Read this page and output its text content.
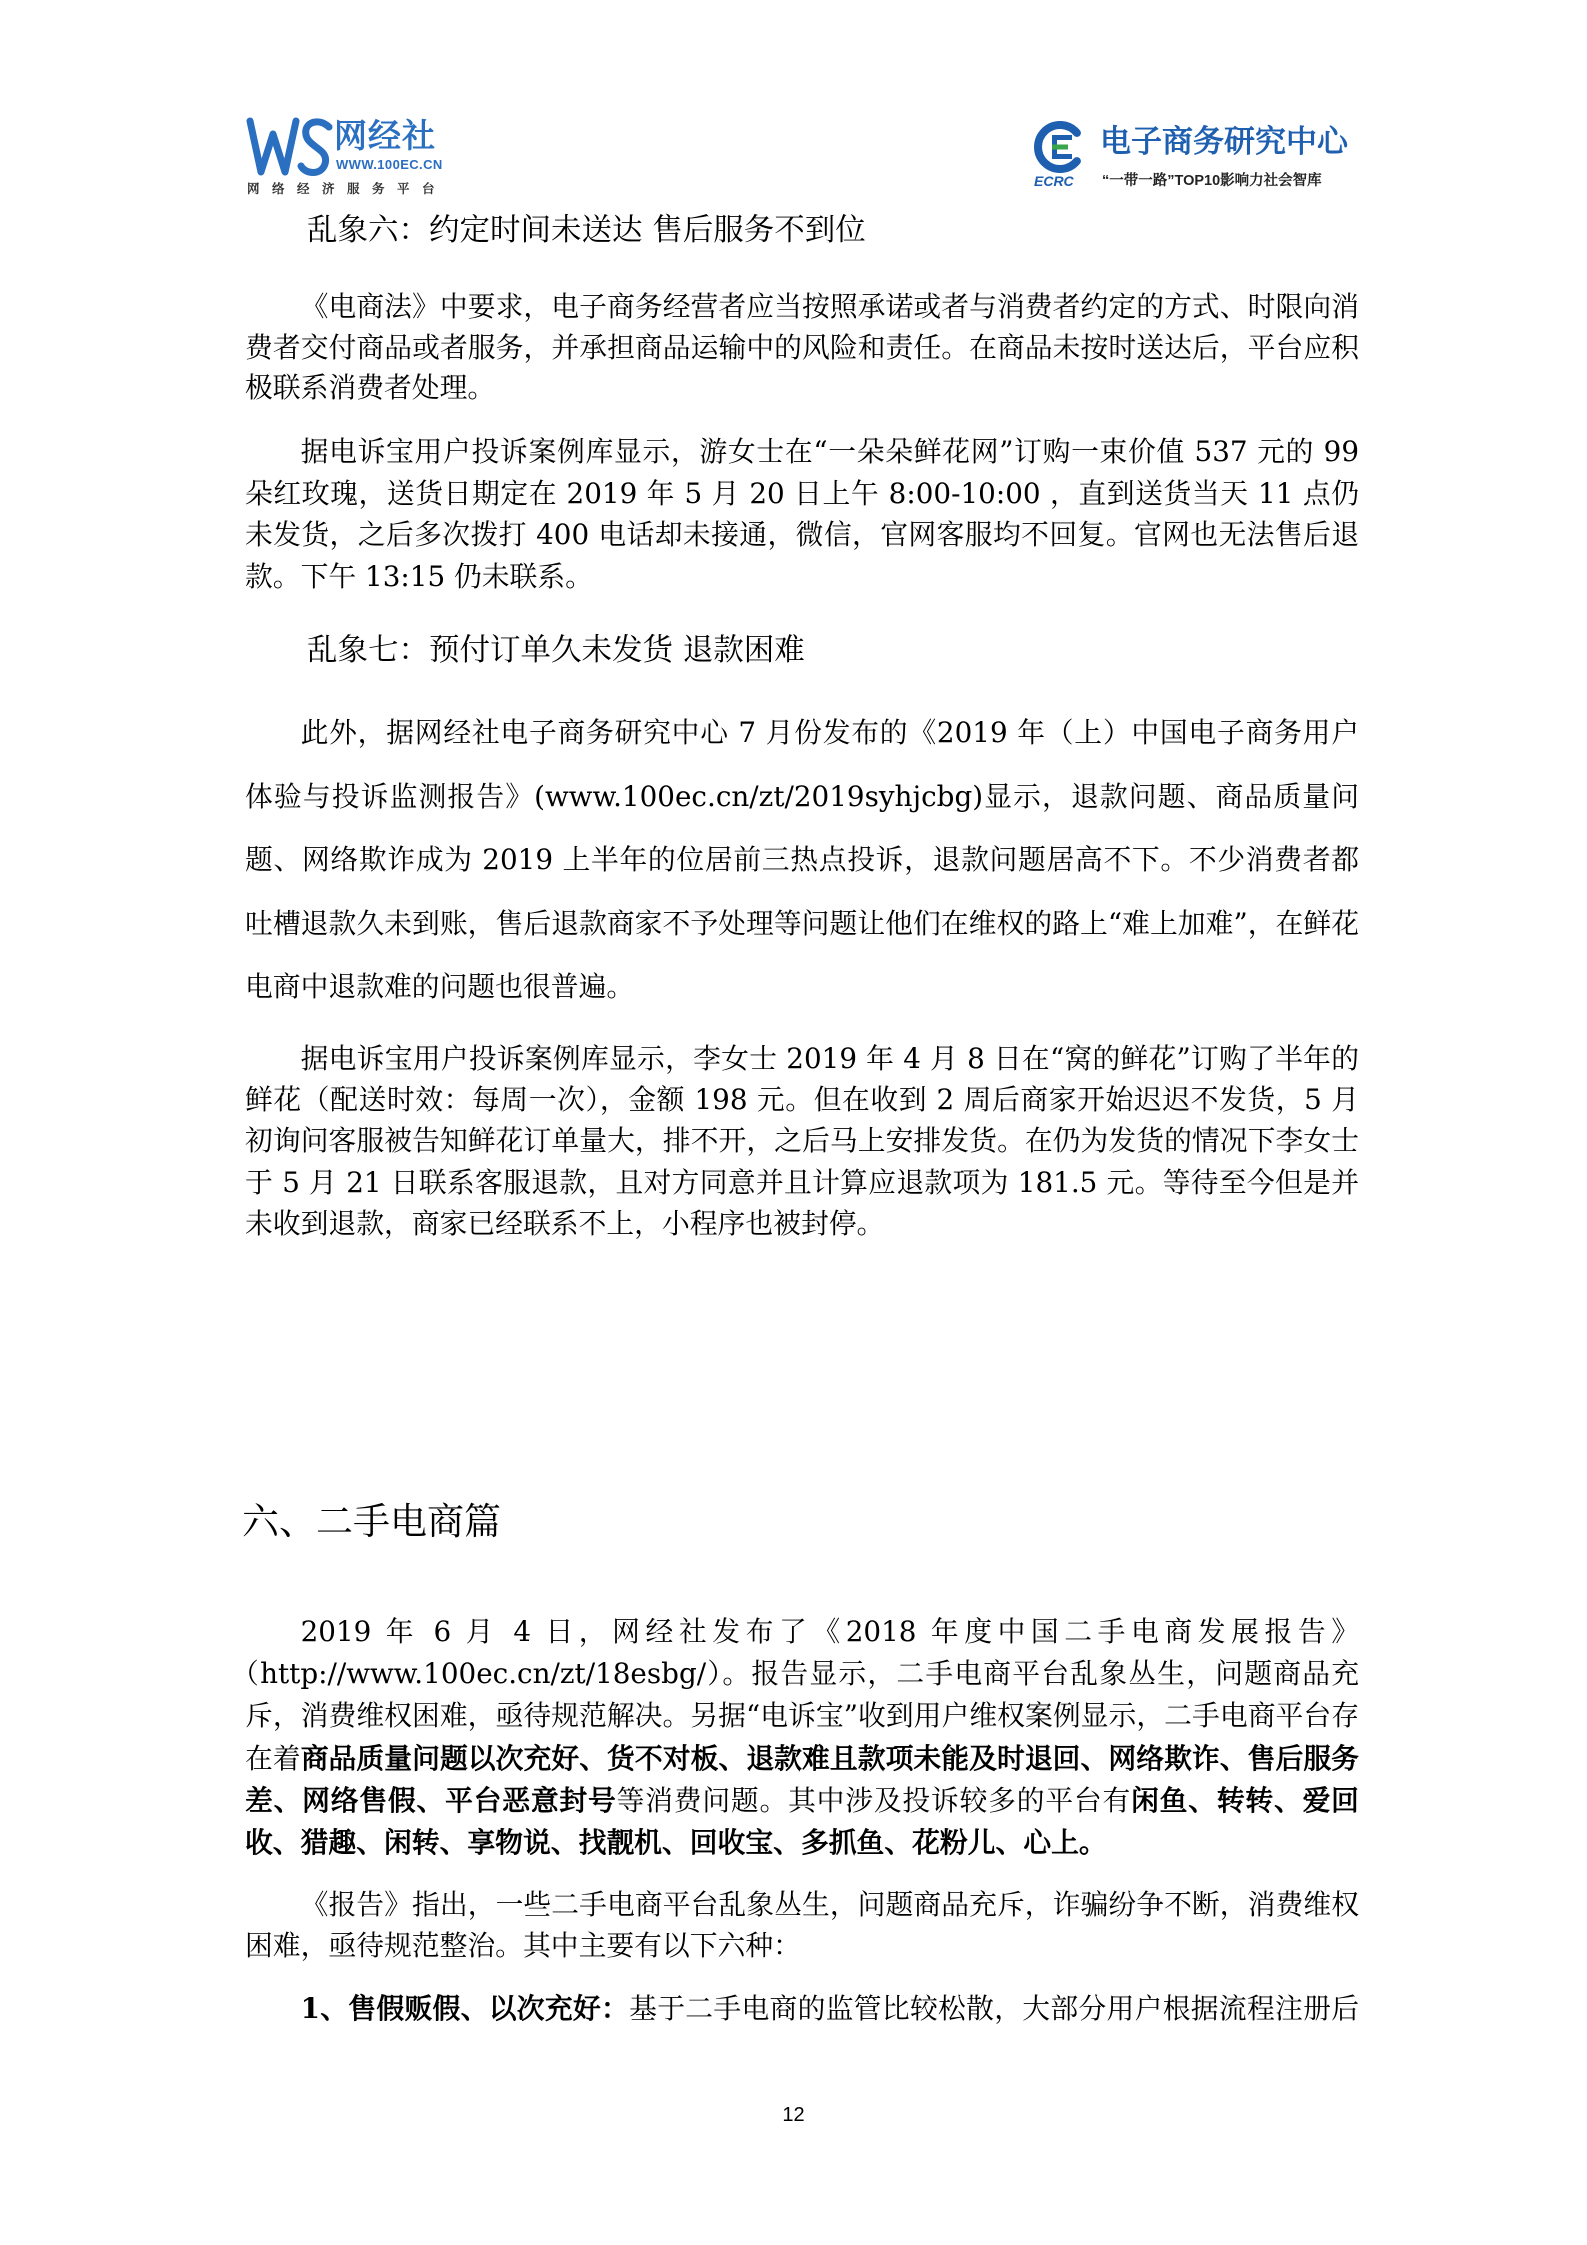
网经社
WWW.100EC.CN
网络经济服务平台	ECRC
电子商务研究中心
“一带一路”TOP10影响力社会智库
乱象六：约定时间未送达 售后服务不到位

《电商法》中要求，电子商务经营者应当按照承诺或者与消费者约定的方式、时限向消费者交付商品或者服务，并承担商品运输中的风险和责任。在商品未按时送达后，平台应积极联系消费者处理。

据电诉宝用户投诉案例库显示，游女士在“一朵朵鲜花网”订购一束价值 537 元的 99 朵红玫瑰，送货日期定在 2019 年 5 月 20 日上午 8:00-10:00 ，直到送货当天 11 点仍未发货，之后多次拨打 400 电话却未接通，微信，官网客服均不回复。官网也无法售后退款。下午 13:15 仍未联系。

乱象七：预付订单久未发货 退款困难

此外，据网经社电子商务研究中心 7 月份发布的《2019 年（上）中国电子商务用户体验与投诉监测报告》(www.100ec.cn/zt/2019syhjcbg)显示，退款问题、商品质量问题、网络欺诈成为 2019 上半年的位居前三热点投诉，退款问题居高不下。不少消费者都吐槽退款久未到账，售后退款商家不予处理等问题让他们在维权的路上“难上加难”，在鲜花电商中退款难的问题也很普遍。

据电诉宝用户投诉案例库显示，李女士 2019 年 4 月 8 日在“窝的鲜花”订购了半年的鲜花（配送时效：每周一次），金额 198 元。但在收到 2 周后商家开始迟迟不发货，5 月初询问客服被告知鲜花订单量大，排不开，之后马上安排发货。在仍为发货的情况下李女士于 5 月 21 日联系客服退款，且对方同意并且计算应退款项为 181.5 元。等待至今但是并未收到退款，商家已经联系不上，小程序也被封停。

六、二手电商篇

2019 年 6 月 4 日，网经社发布了《2018 年度中国二手电商发展报告》（http://www.100ec.cn/zt/18esbg/）。报告显示，二手电商平台乱象丛生，问题商品充斥，消费维权困难，亟待规范解决。另据“电诉宝”收到用户维权案例显示，二手电商平台存在着商品质量问题以次充好、货不对板、退款难且款项未能及时退回、网络欺诈、售后服务差、网络售假、平台恶意封号等消费问题。其中涉及投诉较多的平台有闲鱼、转转、爱回收、猎趣、闲转、享物说、找靓机、回收宝、多抓鱼、花粉儿、心上。

《报告》指出，一些二手电商平台乱象丛生，问题商品充斥，诈骗纷争不断，消费维权困难，亟待规范整治。其中主要有以下六种：

1、售假贩假、以次充好：基于二手电商的监管比较松散，大部分用户根据流程注册后

12
